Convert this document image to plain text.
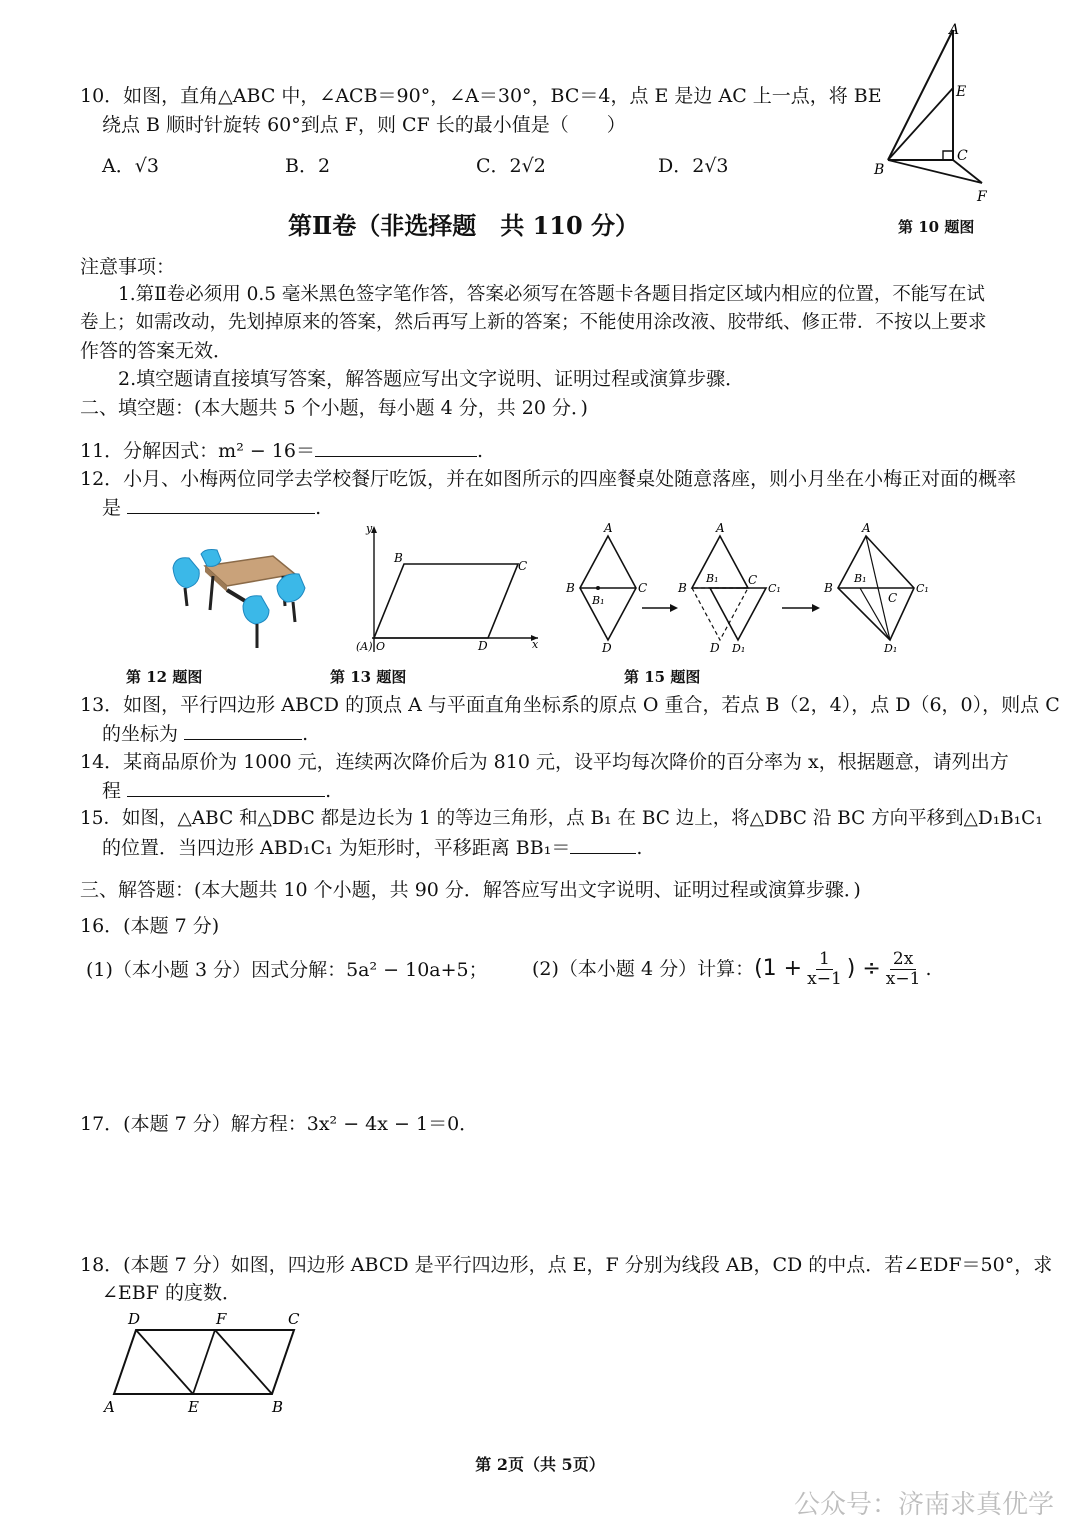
10．如图，直角△ABC 中，∠ACB＝90°，∠A＝30°，BC＝4，点 E 是边 AC 上一点，将 BE
绕点 B 顺时针旋转 60°到点 F，则 CF 长的最小值是（　　）
A．√3	B．2	C．2√2	D．2√3
A
E
C
B
F
第 10 题图
第Ⅱ卷（非选择题　共 110 分）
注意事项：
1.第Ⅱ卷必须用 0.5 毫米黑色签字笔作答，答案必须写在答题卡各题目指定区域内相应的位置，不能写在试
卷上；如需改动，先划掉原来的答案，然后再写上新的答案；不能使用涂改液、胶带纸、修正带．不按以上要求
作答的答案无效．
2.填空题请直接填写答案，解答题应写出文字说明、证明过程或演算步骤．
二、填空题：(本大题共 5 个小题，每小题 4 分，共 20 分．)
11．分解因式：m² − 16＝	.
12．小月、小梅两位同学去学校餐厅吃饭，并在如图所示的四座餐桌处随意落座，则小月坐在小梅正对面的概率
是	.
第 12 题图
y
x
(A) O
B
C
D
第 13 题图
A
B	C
B₁
D
A
B
B₁ C
C₁
D D₁
A
B
B₁
C
C₁
D₁
第 15 题图
13．如图，平行四边形 ABCD 的顶点 A 与平面直角坐标系的原点 O 重合，若点 B（2，4），点 D（6，0），则点 C
的坐标为	.
14．某商品原价为 1000 元，连续两次降价后为 810 元，设平均每次降价的百分率为 x，根据题意，请列出方
程	.
15．如图，△ABC 和△DBC 都是边长为 1 的等边三角形，点 B₁ 在 BC 边上，将△DBC 沿 BC 方向平移到△D₁B₁C₁
的位置．当四边形 ABD₁C₁ 为矩形时，平移距离 BB₁＝	.
三、解答题：(本大题共 10 个小题，共 90 分．解答应写出文字说明、证明过程或演算步骤．)
16．(本题 7 分)
(1)（本小题 3 分）因式分解：5a² − 10a+5； (2)（本小题 4 分）计算： ($1 + \frac{1}{x-1}$ ) ÷ $\frac{2x}{x-1}$ .
17．(本题 7 分）解方程：3x² − 4x − 1＝0．
18．(本题 7 分）如图，四边形 ABCD 是平行四边形，点 E，F 分别为线段 AB，CD 的中点．若∠EDF＝50°，求
∠EBF 的度数．
D	F	C
A	E	B
第 2页（共 5页）
公众号：济南求真优学
